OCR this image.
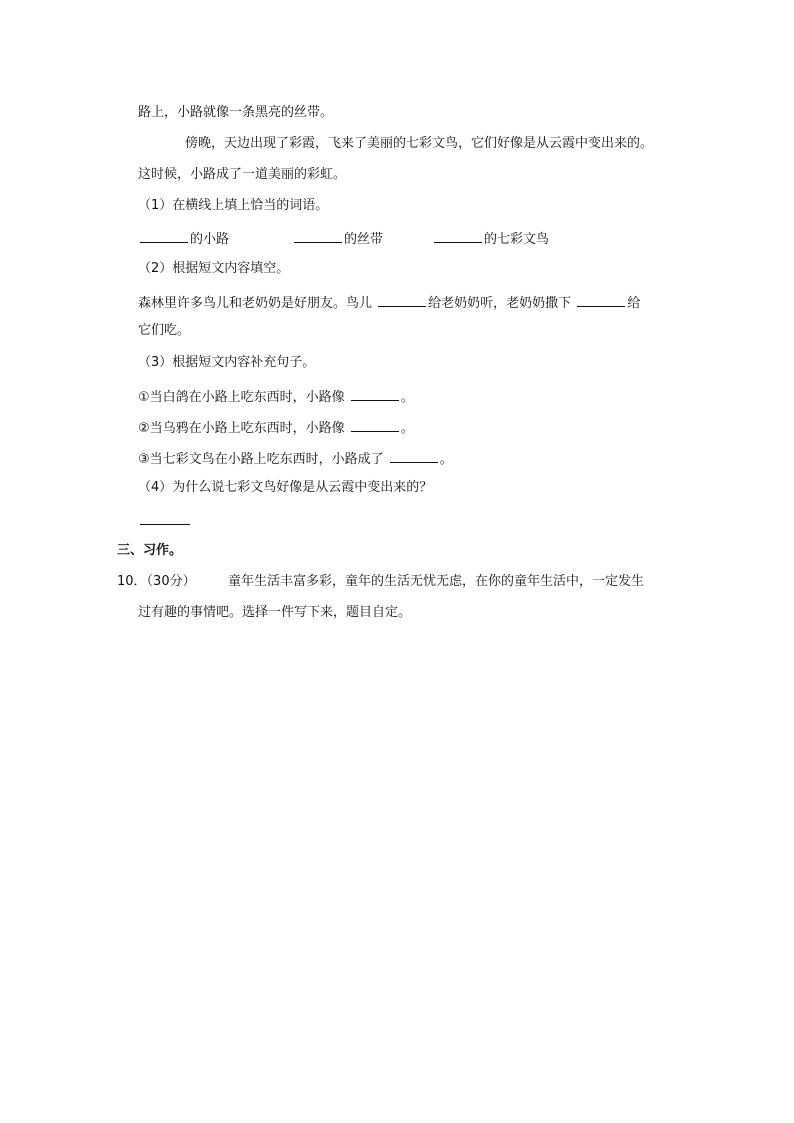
路上，小路就像一条黑亮的丝带。
傍晚，天边出现了彩霞，飞来了美丽的七彩文鸟，它们好像是从云霞中变出来的。
这时候，小路成了一道美丽的彩虹。
（1）在横线上填上恰当的词语。
的小路	的丝带	的七彩文鸟
（2）根据短文内容填空。
森林里许多鸟儿和老奶奶是好朋友。鸟儿	给老奶奶听，老奶奶撒下	给
它们吃。
（3）根据短文内容补充句子。
①当白鸽在小路上吃东西时，小路像	。
②当乌鸦在小路上吃东西时，小路像	。
③当七彩文鸟在小路上吃东西时，小路成了	。
（4）为什么说七彩文鸟好像是从云霞中变出来的？
三、习作。
10．（30分） 童年生活丰富多彩，童年的生活无忧无虑，在你的童年生活中，一定发生
过有趣的事情吧。选择一件写下来，题目自定。
